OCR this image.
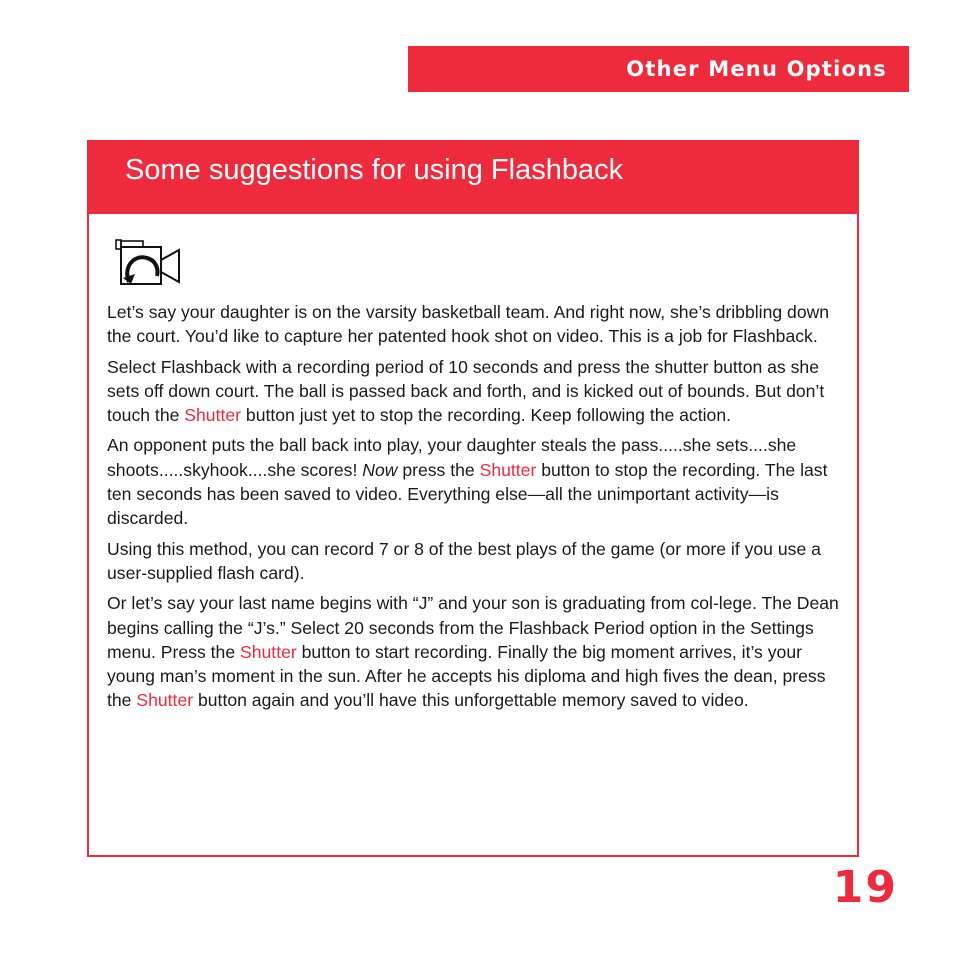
Other Menu Options
Some suggestions for using Flashback

Let’s say your daughter is on the varsity basketball team. And right now, she’s dribbling down the court. You’d like to capture her patented hook shot on video. This is a job for Flashback.

Select Flashback with a recording period of 10 seconds and press the shutter button as she sets off down court. The ball is passed back and forth, and is kicked out of bounds. But don’t touch the Shutter button just yet to stop the recording. Keep following the action.

An opponent puts the ball back into play, your daughter steals the pass.....she sets....she shoots.....skyhook....she scores! Now press the Shutter button to stop the recording. The last ten seconds has been saved to video. Everything else—all the unimportant activity—is discarded.

Using this method, you can record 7 or 8 of the best plays of the game (or more if you use a user-supplied flash card).

Or let’s say your last name begins with “J” and your son is graduating from col-lege. The Dean begins calling the “J’s.” Select 20 seconds from the Flashback Period option in the Settings menu. Press the Shutter button to start recording. Finally the big moment arrives, it’s your young man’s moment in the sun. After he accepts his diploma and high fives the dean, press the Shutter button again and you’ll have this unforgettable memory saved to video.

19
